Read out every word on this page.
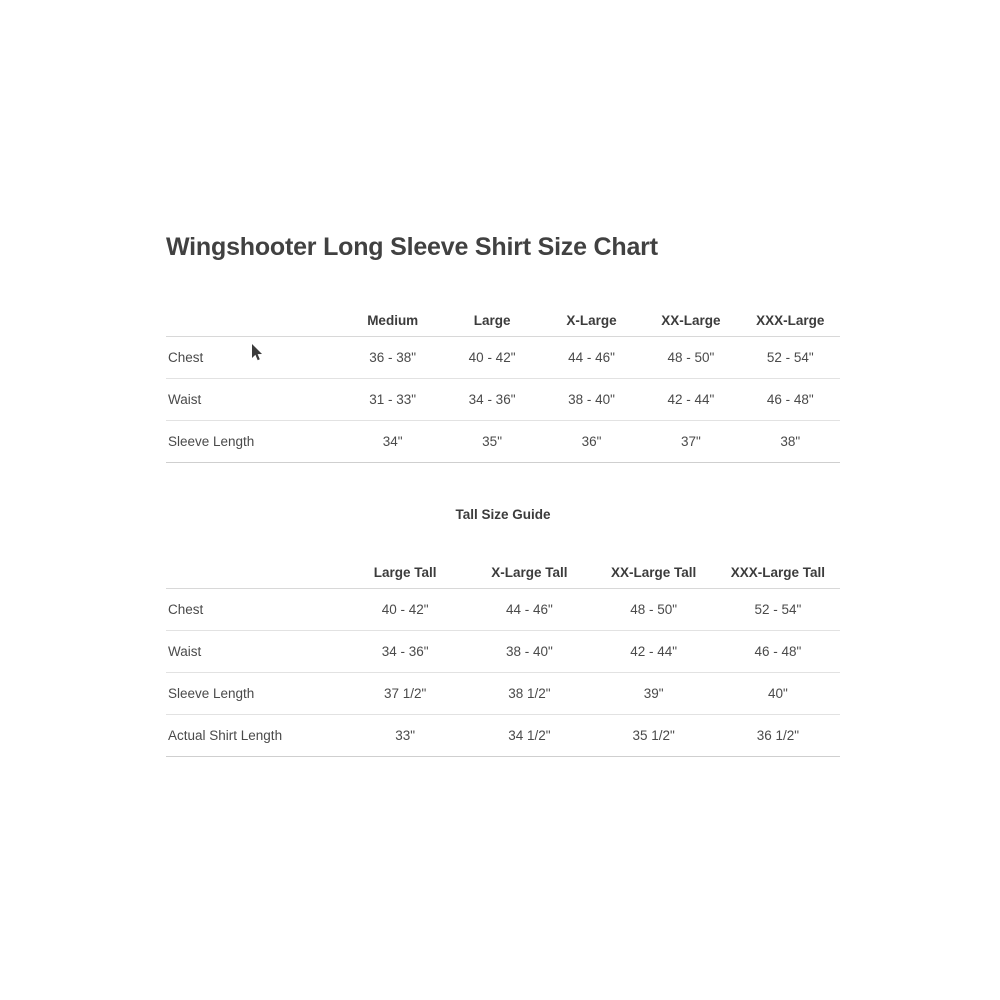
Wingshooter Long Sleeve Shirt Size Chart
	Medium	Large	X-Large	XX-Large	XXX-Large
Chest	36 - 38"	40 - 42"	44 - 46"	48 - 50"	52 - 54"
Waist	31 - 33"	34 - 36"	38 - 40"	42 - 44"	46 - 48"
Sleeve Length	34"	35"	36"	37"	38"
Tall Size Guide
	Large Tall	X-Large Tall	XX-Large Tall	XXX-Large Tall
Chest	40 - 42"	44 - 46"	48 - 50"	52 - 54"
Waist	34 - 36"	38 - 40"	42 - 44"	46 - 48"
Sleeve Length	37 1/2"	38 1/2"	39"	40"
Actual Shirt Length	33"	34 1/2"	35 1/2"	36 1/2"
